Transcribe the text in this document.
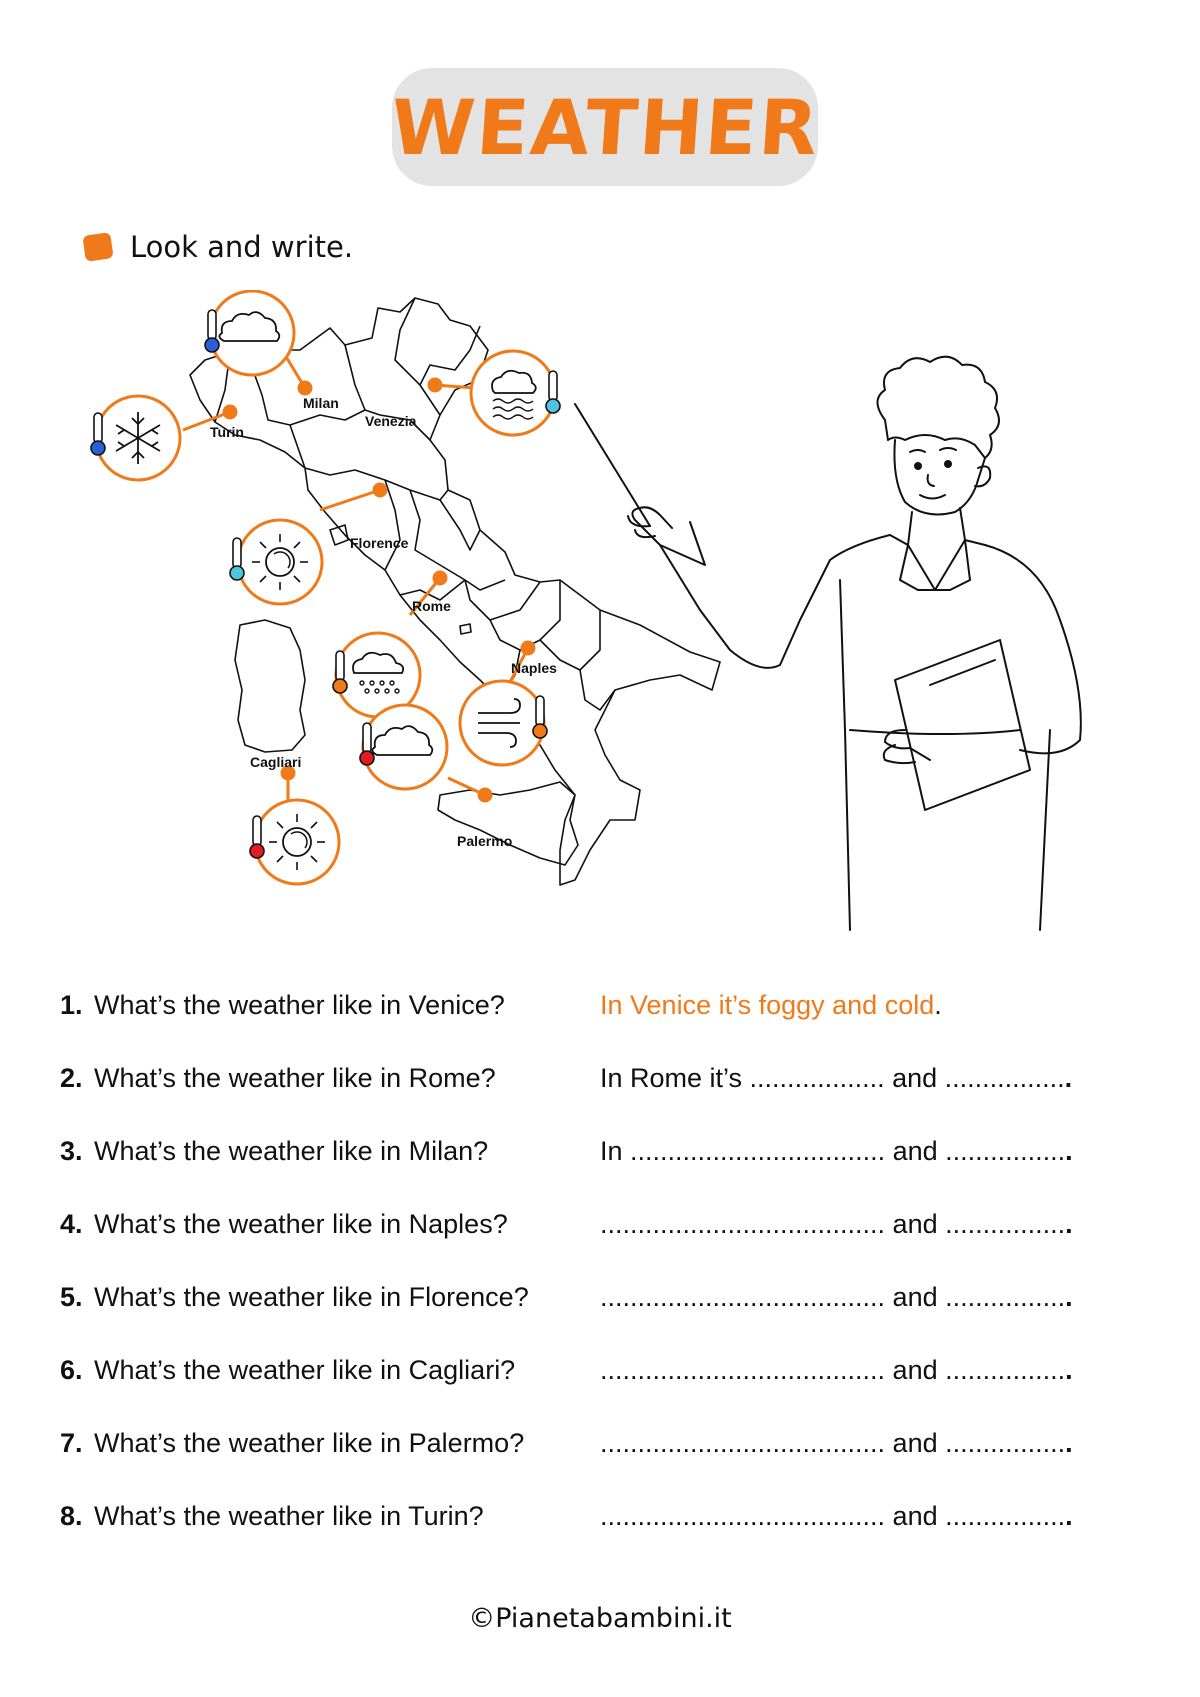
WEATHER
Look and write.
Milan
Venezia
Turin
Florence
Rome
Naples
Cagliari
Palermo
1. What’s the weather like in Venice?	In Venice it’s foggy and cold.
2. What’s the weather like in Rome?	In Rome it’s .................. and .................
3. What’s the weather like in Milan?	In .................................. and .................
4. What’s the weather like in Naples?	...................................... and .................
5. What’s the weather like in Florence?	...................................... and .................
6. What’s the weather like in Cagliari?	...................................... and .................
7. What’s the weather like in Palermo?	...................................... and .................
8. What’s the weather like in Turin?	...................................... and .................
©Pianetabambini.it
